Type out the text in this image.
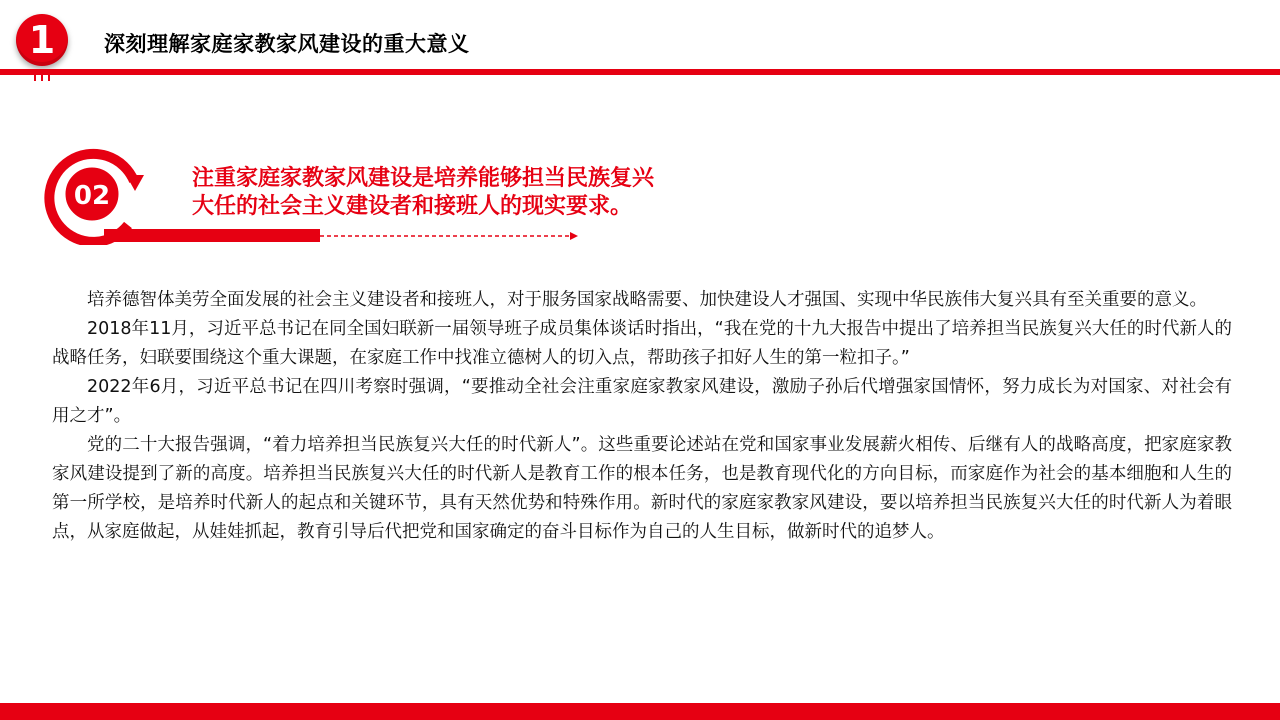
1	深刻理解家庭家教家风建设的重大意义
02
注重家庭家教家风建设是培养能够担当民族复兴
大任的社会主义建设者和接班人的现实要求。

培养德智体美劳全面发展的社会主义建设者和接班人，对于服务国家战略需要、加快建设人才强国、实现中华民族伟大复兴具有至关重要的意义。

2018年11月，习近平总书记在同全国妇联新一届领导班子成员集体谈话时指出，“我在党的十九大报告中提出了培养担当民族复兴大任的时代新人的战略任务，妇联要围绕这个重大课题，在家庭工作中找准立德树人的切入点，帮助孩子扣好人生的第一粒扣子。”

2022年6月，习近平总书记在四川考察时强调，“要推动全社会注重家庭家教家风建设，激励子孙后代增强家国情怀，努力成长为对国家、对社会有用之才”。

党的二十大报告强调，“着力培养担当民族复兴大任的时代新人”。这些重要论述站在党和国家事业发展薪火相传、后继有人的战略高度，把家庭家教家风建设提到了新的高度。培养担当民族复兴大任的时代新人是教育工作的根本任务，也是教育现代化的方向目标，而家庭作为社会的基本细胞和人生的第一所学校，是培养时代新人的起点和关键环节，具有天然优势和特殊作用。新时代的家庭家教家风建设，要以培养担当民族复兴大任的时代新人为着眼点，从家庭做起，从娃娃抓起，教育引导后代把党和国家确定的奋斗目标作为自己的人生目标，做新时代的追梦人。
